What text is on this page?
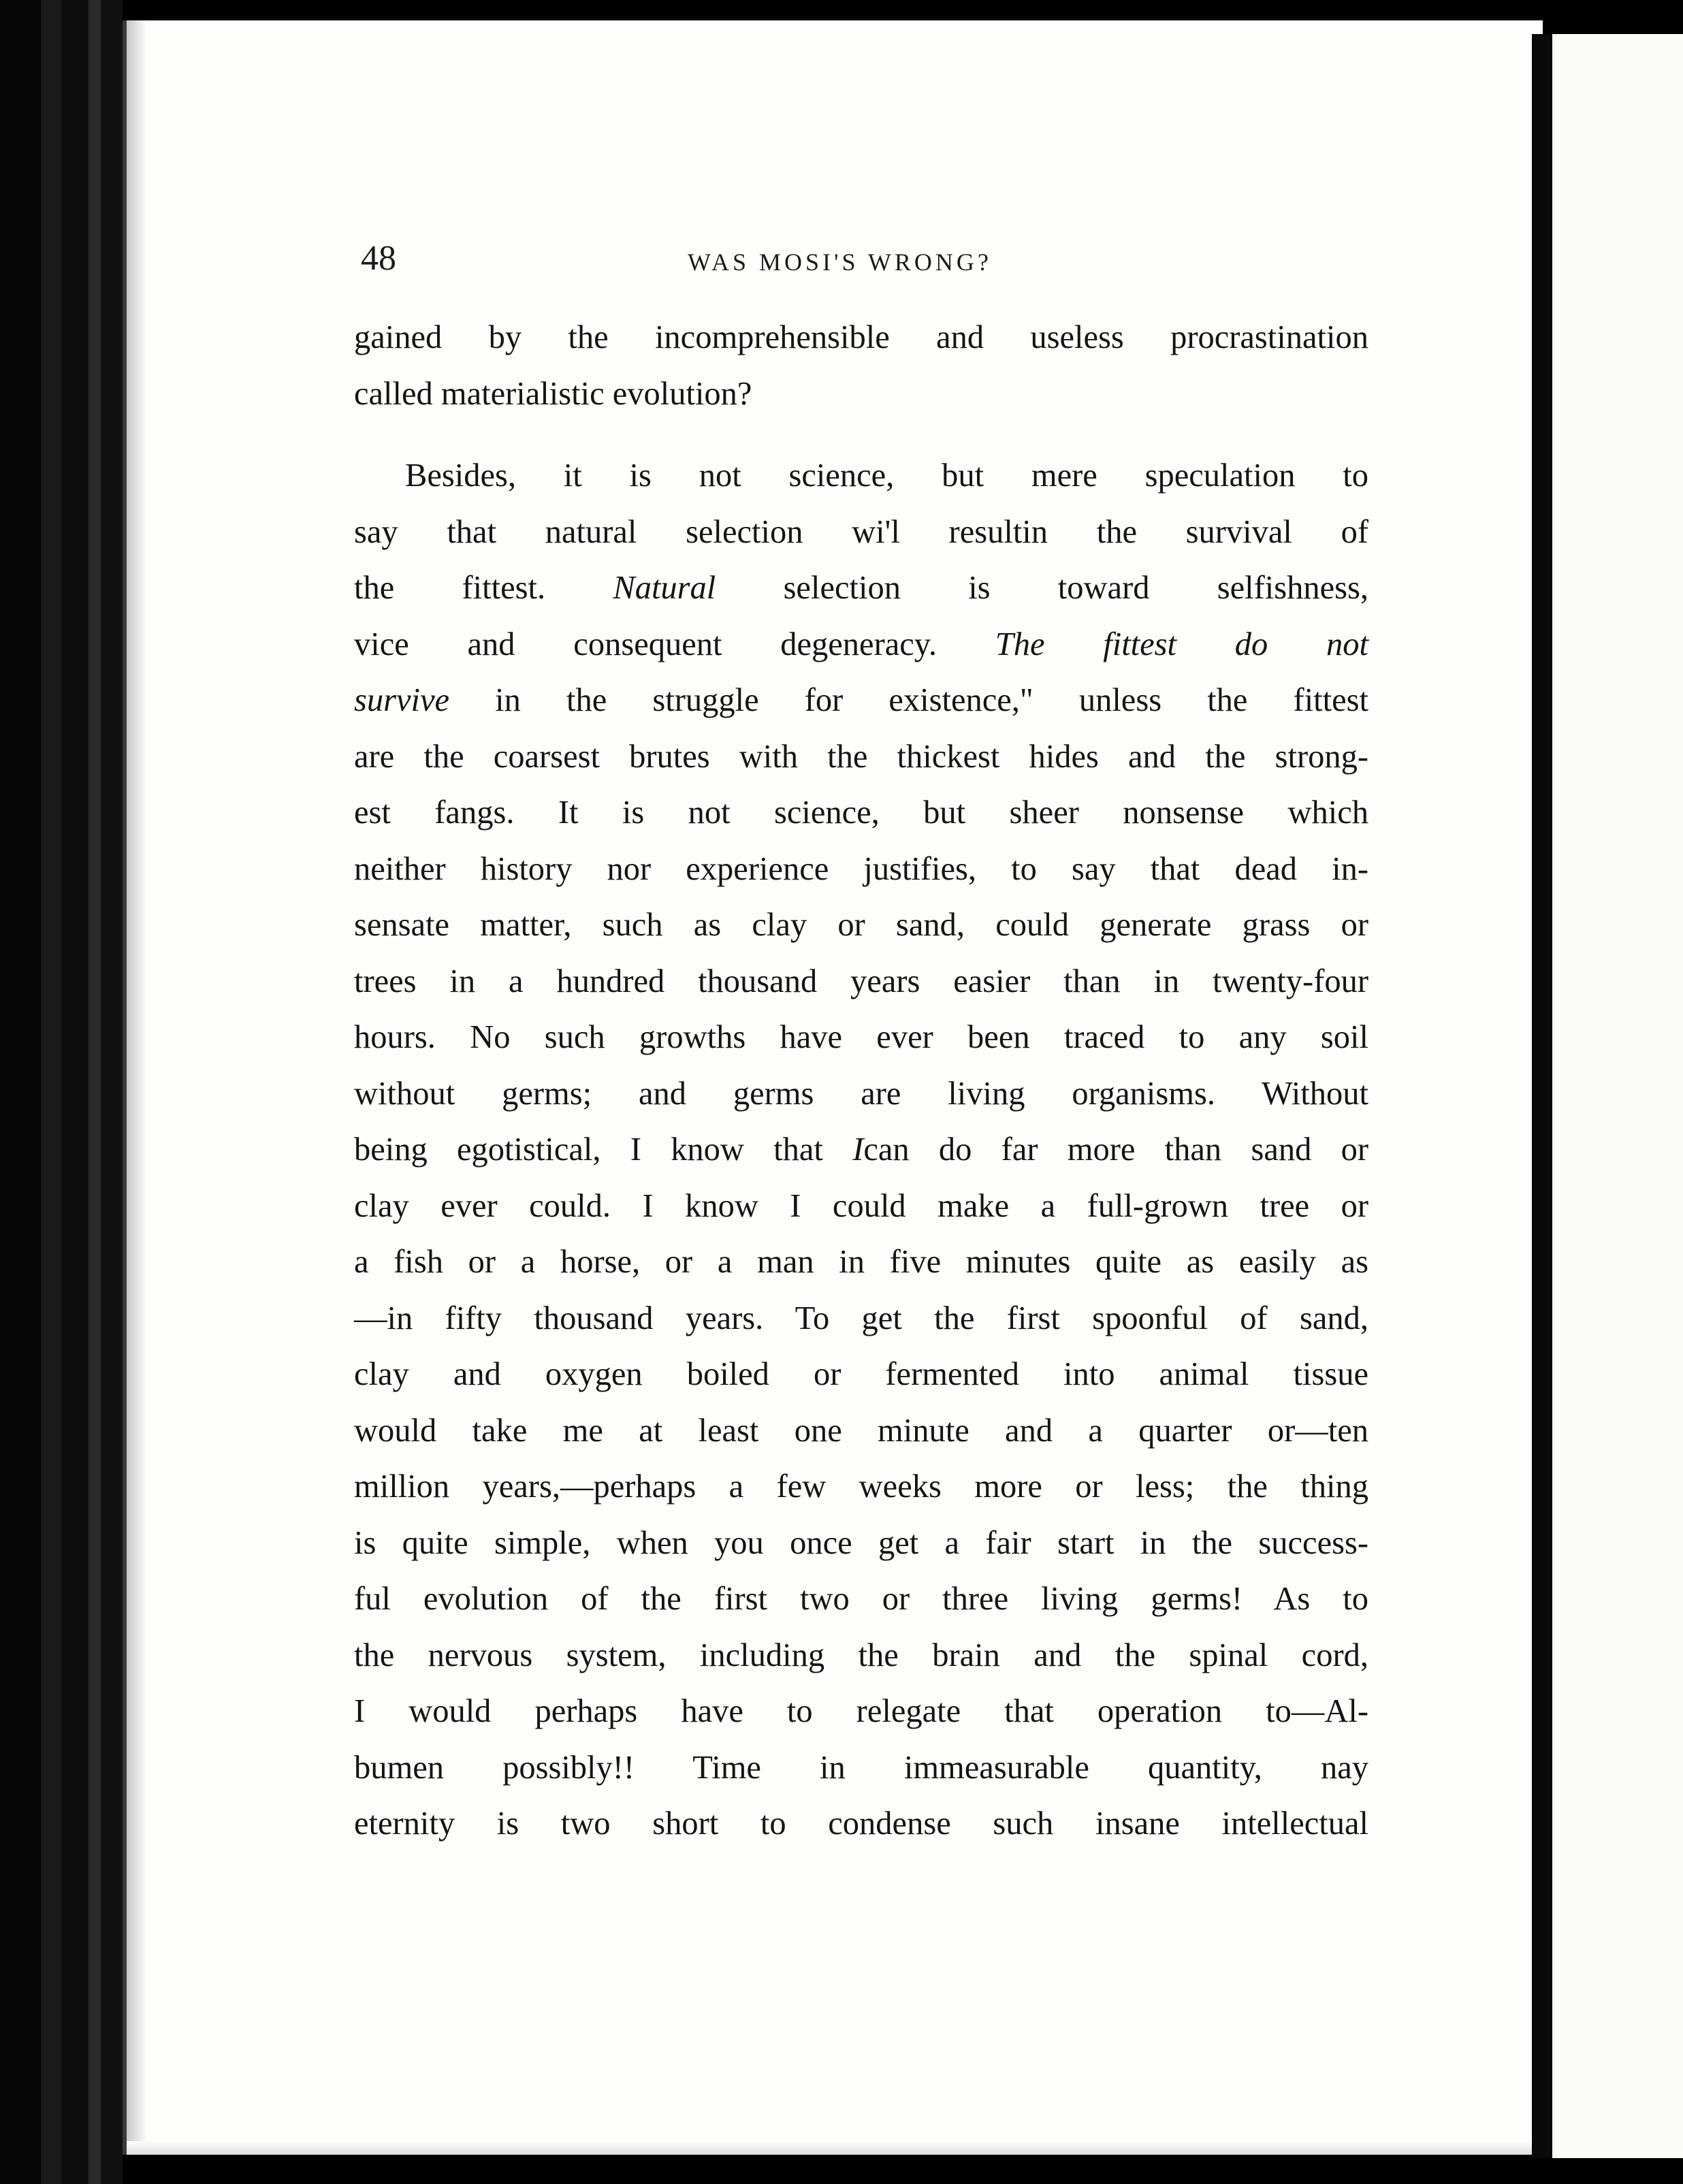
48	WAS MOSI'S WRONG?
gained by the incomprehensible and useless procrastination
called materialistic evolution?
Besides, it is not science, but mere speculation to
say that natural selection wi'l resultin the survival of
the fittest. Natural selection is toward selfishness,
vice and consequent degeneracy. The fittest do not
survive in the struggle for existence," unless the fittest
are the coarsest brutes with the thickest hides and the strong-
est fangs. It is not science, but sheer nonsense which
neither history nor experience justifies, to say that dead in-
sensate matter, such as clay or sand, could generate grass or
trees in a hundred thousand years easier than in twenty-four
hours. No such growths have ever been traced to any soil
without germs; and germs are living organisms. Without
being egotistical, I know that Ican do far more than sand or
clay ever could. I know I could make a full-grown tree or
a fish or a horse, or a man in five minutes quite as easily as
—in fifty thousand years. To get the first spoonful of sand,
clay and oxygen boiled or fermented into animal tissue
would take me at least one minute and a quarter or—ten
million years,—perhaps a few weeks more or less; the thing
is quite simple, when you once get a fair start in the success-
ful evolution of the first two or three living germs! As to
the nervous system, including the brain and the spinal cord,
I would perhaps have to relegate that operation to—Al-
bumen possibly!! Time in immeasurable quantity, nay
eternity is two short to condense such insane intellectual
